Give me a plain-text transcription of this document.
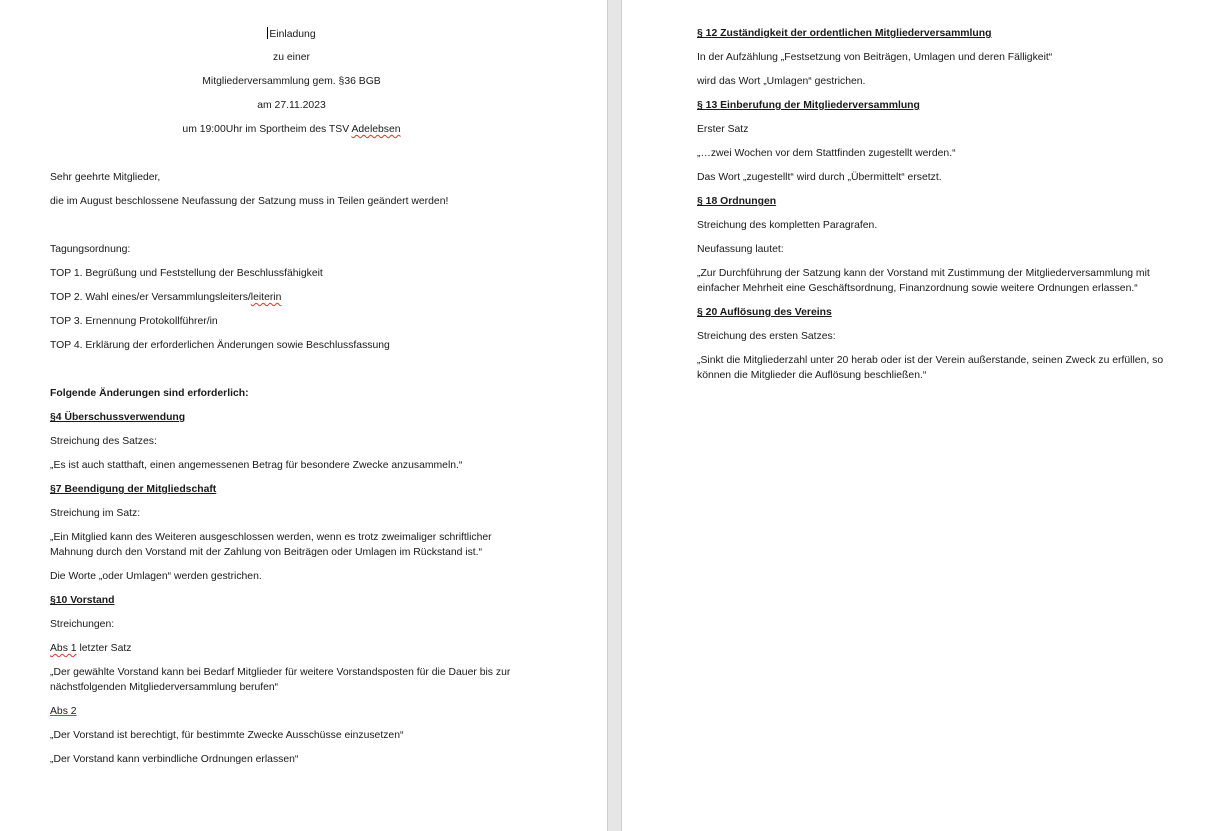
Einladung
zu einer
Mitgliederversammlung gem. §36 BGB
am 27.11.2023
um 19:00Uhr im Sportheim des TSV Adelebsen
Sehr geehrte Mitglieder,
die im August beschlossene Neufassung der Satzung muss in Teilen geändert werden!
Tagungsordnung:
TOP 1. Begrüßung und Feststellung der Beschlussfähigkeit
TOP 2. Wahl eines/er Versammlungsleiters/leiterin
TOP 3. Ernennung Protokollführer/in
TOP 4. Erklärung der erforderlichen Änderungen sowie Beschlussfassung
Folgende Änderungen sind erforderlich:
§4 Überschussverwendung
Streichung des Satzes:
„Es ist auch statthaft, einen angemessenen Betrag für besondere Zwecke anzusammeln.“
§7 Beendigung der Mitgliedschaft
Streichung im Satz:
„Ein Mitglied kann des Weiteren ausgeschlossen werden, wenn es trotz zweimaliger schriftlicher Mahnung durch den Vorstand mit der Zahlung von Beiträgen oder Umlagen im Rückstand ist.“
Die Worte „oder Umlagen“ werden gestrichen.
§10 Vorstand
Streichungen:
Abs 1 letzter Satz
„Der gewählte Vorstand kann bei Bedarf Mitglieder für weitere Vorstandsposten für die Dauer bis zur nächstfolgenden Mitgliederversammlung berufen“
Abs 2
„Der Vorstand ist berechtigt, für bestimmte Zwecke Ausschüsse einzusetzen“
„Der Vorstand kann verbindliche Ordnungen erlassen“
§ 12 Zuständigkeit der ordentlichen Mitgliederversammlung
In der Aufzählung „Festsetzung von Beiträgen, Umlagen und deren Fälligkeit“
wird das Wort „Umlagen“ gestrichen.
§ 13 Einberufung der Mitgliederversammlung
Erster Satz
„…zwei Wochen vor dem Stattfinden zugestellt werden.“
Das Wort „zugestellt“ wird durch „Übermittelt“ ersetzt.
§ 18 Ordnungen
Streichung des kompletten Paragrafen.
Neufassung lautet:
„Zur Durchführung der Satzung kann der Vorstand mit Zustimmung der Mitgliederversammlung mit einfacher Mehrheit eine Geschäftsordnung, Finanzordnung sowie weitere Ordnungen erlassen.“
§ 20 Auflösung des Vereins
Streichung des ersten Satzes:
„Sinkt die Mitgliederzahl unter 20 herab oder ist der Verein außerstande, seinen Zweck zu erfüllen, so können die Mitglieder die Auflösung beschließen.“
